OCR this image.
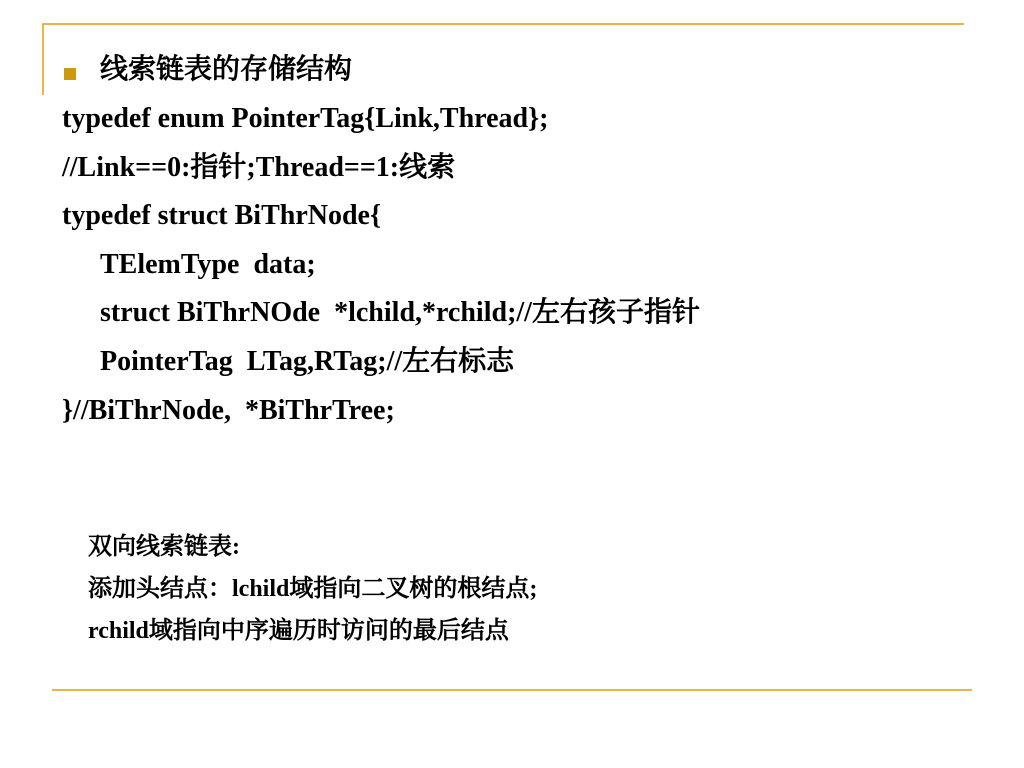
线索链表的存储结构
typedef enum PointerTag{Link,Thread};
//Link==0:指针;Thread==1:线索
typedef struct BiThrNode{
TElemType  data;
struct BiThrNOde  *lchild,*rchild;//左右孩子指针
PointerTag  LTag,RTag;//左右标志
}//BiThrNode,  *BiThrTree;
双向线索链表:
添加头结点：lchild域指向二叉树的根结点;
rchild域指向中序遍历时访问的最后结点
